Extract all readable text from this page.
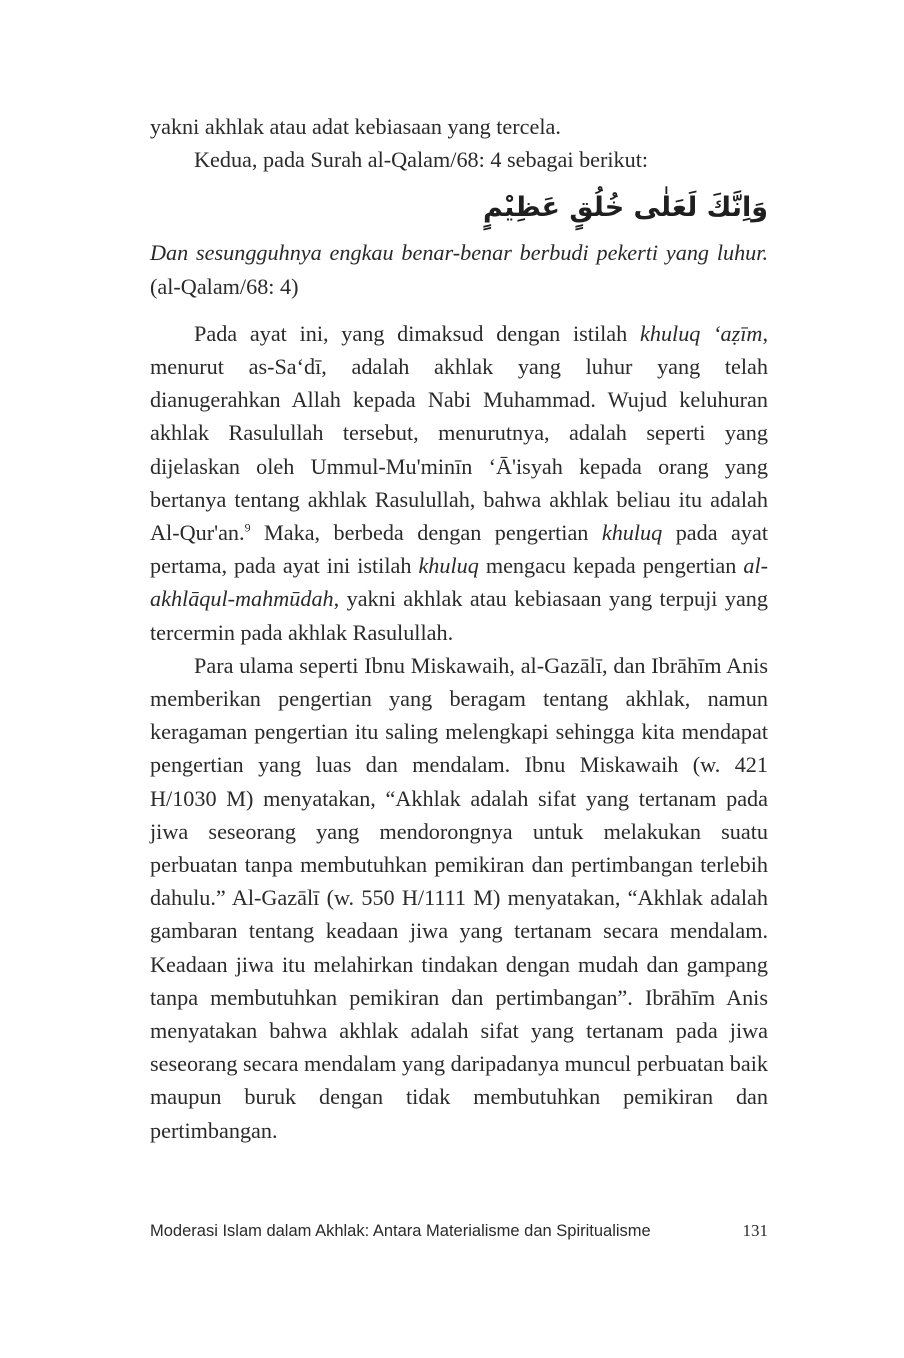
yakni akhlak atau adat kebiasaan yang tercela.

Kedua, pada Surah al-Qalam/68: 4 sebagai berikut:

وَاِنَّكَ لَعَلٰى خُلُقٍ عَظِيْمٍ

Dan sesungguhnya engkau benar-benar berbudi pekerti yang luhur. (al-Qalam/68: 4)

Pada ayat ini, yang dimaksud dengan istilah khuluq ‘aẓīm, menurut as-Sa‘dī, adalah akhlak yang luhur yang telah dianugerahkan Allah kepada Nabi Muhammad. Wujud keluhuran akhlak Rasulullah tersebut, menurutnya, adalah seperti yang dijelaskan oleh Ummul-Mu'minīn ‘Ā'isyah kepada orang yang bertanya tentang akhlak Rasulullah, bahwa akhlak beliau itu adalah Al-Qur'an.$^9$ Maka, berbeda dengan pengertian khuluq pada ayat pertama, pada ayat ini istilah khuluq mengacu kepada pengertian al-akhlāqul-mahmūdah, yakni akhlak atau kebiasaan yang terpuji yang tercermin pada akhlak Rasulullah.

Para ulama seperti Ibnu Miskawaih, al-Gazālī, dan Ibrāhīm Anis memberikan pengertian yang beragam tentang akhlak, namun keragaman pengertian itu saling melengkapi sehingga kita mendapat pengertian yang luas dan mendalam. Ibnu Miskawaih (w. 421 H/1030 M) menyatakan, “Akhlak adalah sifat yang tertanam pada jiwa seseorang yang mendorongnya untuk melakukan suatu perbuatan tanpa membutuhkan pemikiran dan pertimbangan terlebih dahulu.” Al-Gazālī (w. 550 H/1111 M) menyatakan, “Akhlak adalah gambaran tentang keadaan jiwa yang tertanam secara mendalam. Keadaan jiwa itu melahirkan tindakan dengan mudah dan gampang tanpa membutuhkan pemikiran dan pertimbangan”. Ibrāhīm Anis menyatakan bahwa akhlak adalah sifat yang tertanam pada jiwa seseorang secara mendalam yang daripadanya muncul perbuatan baik maupun buruk dengan tidak membutuhkan pemikiran dan pertimbangan.

Moderasi Islam dalam Akhlak: Antara Materialisme dan Spiritualisme	131
